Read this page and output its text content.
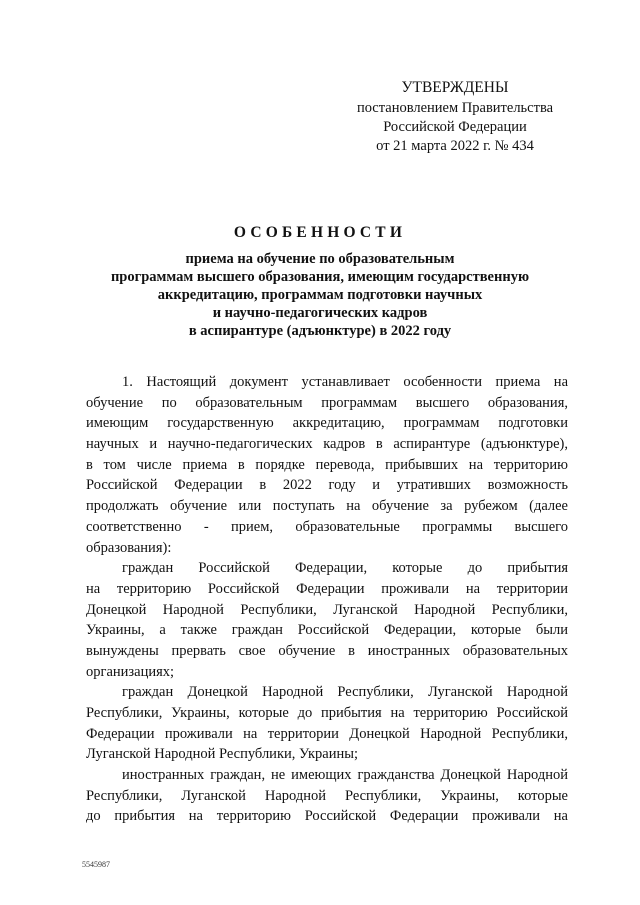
УТВЕРЖДЕНЫ
постановлением Правительства
Российской Федерации
от 21 марта 2022 г. № 434
ОСОБЕННОСТИ
приема на обучение по образовательным
программам высшего образования, имеющим государственную
аккредитацию, программам подготовки научных
и научно-педагогических кадров
в аспирантуре (адъюнктуре) в 2022 году
1. Настоящий документ устанавливает особенности приема на
обучение по образовательным программам высшего образования,
имеющим государственную аккредитацию, программам подготовки
научных и научно-педагогических кадров в аспирантуре (адъюнктуре),
в том числе приема в порядке перевода, прибывших на территорию
Российской Федерации в 2022 году и утративших возможность
продолжать обучение или поступать на обучение за рубежом (далее
соответственно - прием, образовательные программы высшего
образования):
граждан Российской Федерации, которые до прибытия
на территорию Российской Федерации проживали на территории
Донецкой Народной Республики, Луганской Народной Республики,
Украины, а также граждан Российской Федерации, которые были
вынуждены прервать свое обучение в иностранных образовательных
организациях;
граждан Донецкой Народной Республики, Луганской Народной
Республики, Украины, которые до прибытия на территорию Российской
Федерации проживали на территории Донецкой Народной Республики,
Луганской Народной Республики, Украины;
иностранных граждан, не имеющих гражданства Донецкой Народной
Республики, Луганской Народной Республики, Украины, которые
до прибытия на территорию Российской Федерации проживали на
5545987
